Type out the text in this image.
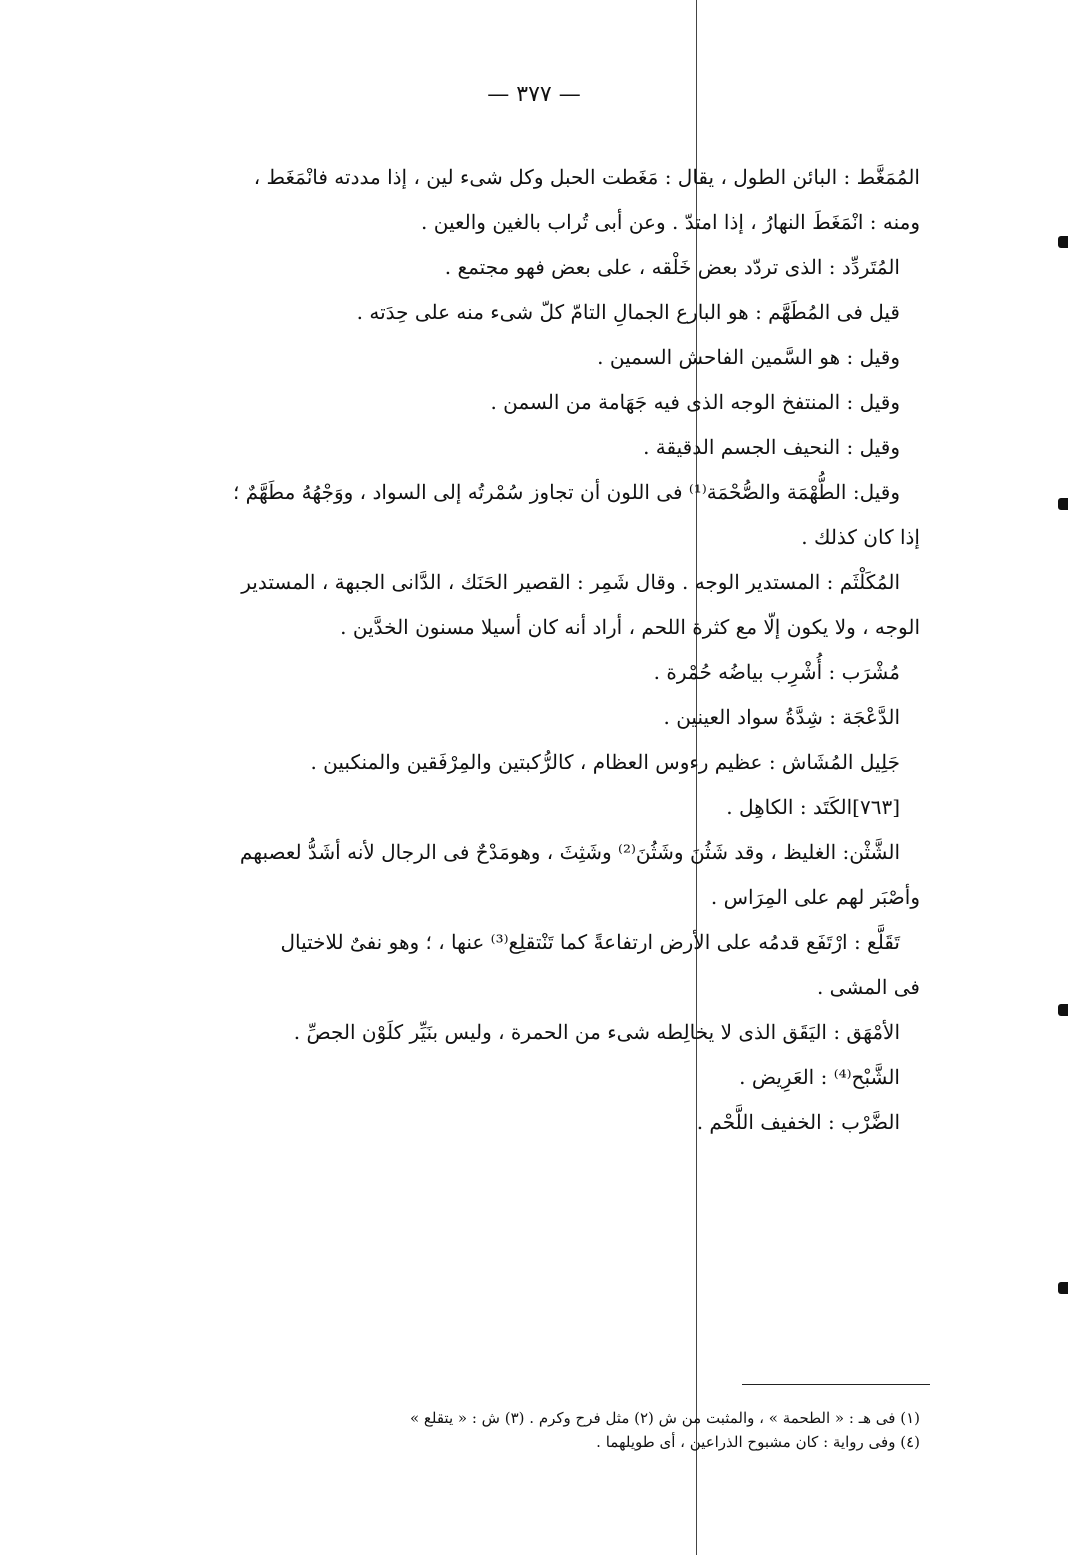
— ٣٧٧ —
المُمَغَّط : البائن الطول ، يقال : مَغَطت الحبل وكل شىء لين ، إذا مددته فانْمَغَط ،
ومنه : انْمَغَطَ النهارُ ، إذا امتدّ . وعن أبى تُراب بالغين والعين .
المُتَردِّد : الذى تردّد بعض خَلْقه ، على بعض فهو مجتمع .
قيل فى المُطَهَّم : هو البارع الجمالِ التامّ كلّ شىء منه على حِدَته .
وقيل : هو السَّمين الفاحش السمين .
وقيل : المنتفخ الوجه الذى فيه جَهَامة من السمن .
وقيل : النحيف الجسم الدقيقة .
وقيل: الطُّهْمَة والصُّحْمَة⁽¹⁾ فى اللون أن تجاوز سُمْرتُه إلى السواد ، ووَجْهُهُ مطَهَّمٌ ؛
إذا كان كذلك .
المُكَلْثَم : المستدير الوجه . وقال شَمِر : القصير الحَنَك ، الدَّانى الجبهة ، المستدير
الوجه ، ولا يكون إلّا مع كثرة اللحم ، أراد أنه كان أسيلا مسنون الخدَّين .
مُشْرَب : أُشْرِب بياضُه حُمْرة .
الدَّعْجَة : شِدَّةُ سواد العينين .
جَلِيل المُشَاش : عظيم رءوس العظام ، كالرُّكبتين والمِرْفَقين والمنكبين .
[٧٦٣]الكَتَد : الكاهِل .
الشَّثْن: الغليظ ، وقد شَثُنَ وشَثُنَ⁽²⁾ وشَثِثَ ، وهومَدْحٌ فى الرجال لأنه أشَدُّ لعصبهم
وأصْبَر لهم على المِرَاس .
تَقَلَّع : ارْتَفَع قدمُه على الأرض ارتفاعةً كما تَنْتقلِع⁽³⁾ عنها ، ؛ وهو نفىٌ للاختيال
فى المشى .
الأمْهَق : اليَقَق الذى لا يخالِطه شىء من الحمرة ، وليس بنَيِّر كلَوْن الجصِّ .
الشَّبْح⁽⁴⁾ : العَرِيض .
الضَّرْب : الخفيف اللَّحْم .
(١) فى هـ : « الطحمة » ، والمثبت من ش (٢) مثل فرح وكرم . (٣) ش : « يتقلع »
(٤) وفى رواية : كان مشبوح الذراعين ، أى طويلهما .
